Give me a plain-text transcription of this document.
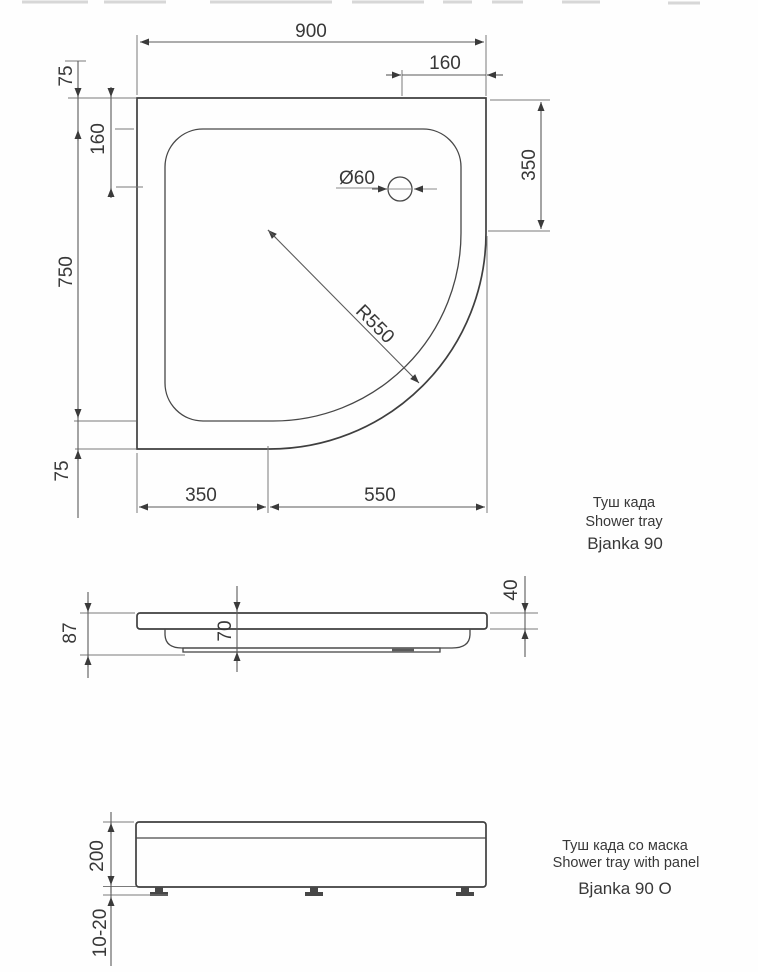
Ø60
R550
900
160
75
750
75
160
350
350	550	Туш када
Shower tray
Bjanka 90
87	70
40
200
10-20
Туш када со маска
Shower tray with panel
Bjanka 90 O
